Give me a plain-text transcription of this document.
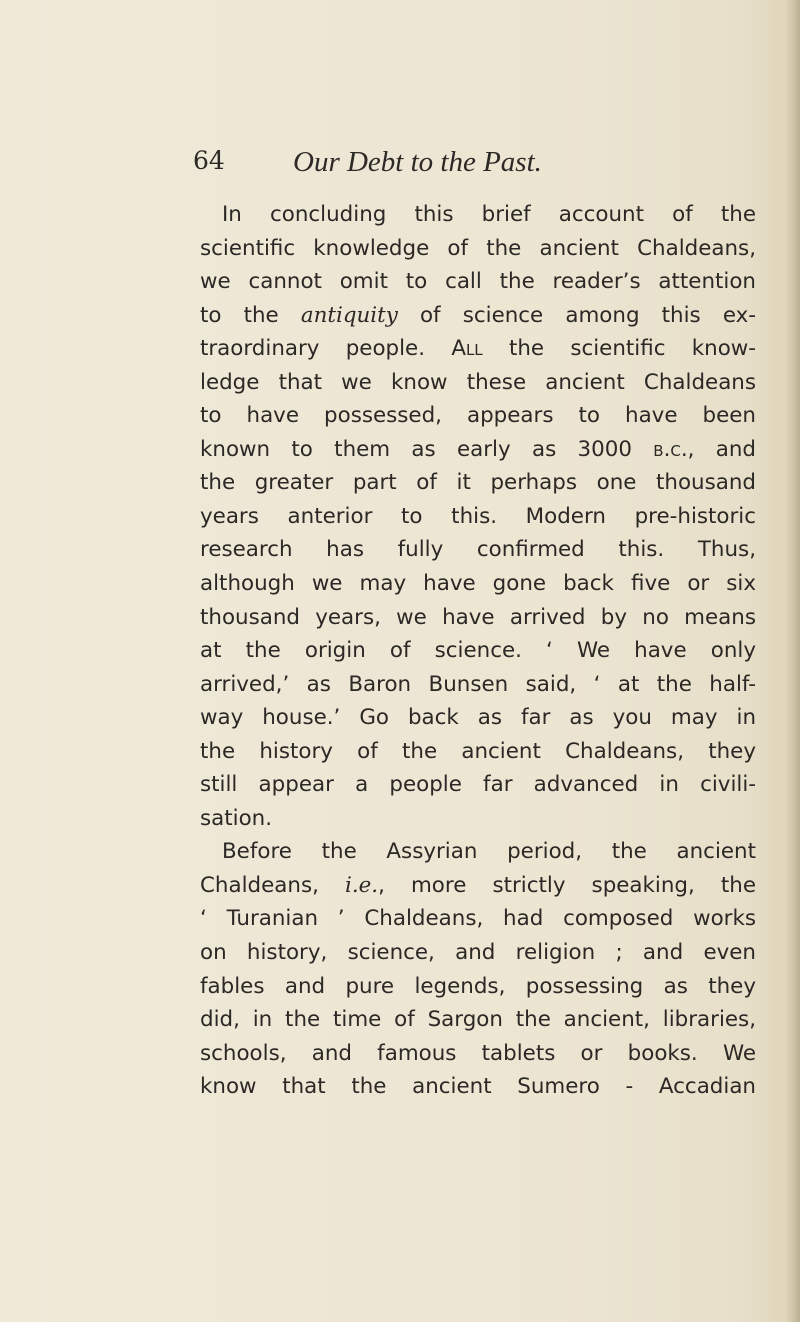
64 Our Debt to the Past.
In concluding this brief account of the
scientific knowledge of the ancient Chaldeans,
we cannot omit to call the reader’s attention
to the antiquity of science among this ex-
traordinary people. All the scientific know-
ledge that we know these ancient Chaldeans
to have possessed, appears to have been
known to them as early as 3000 b.c., and
the greater part of it perhaps one thousand
years anterior to this. Modern pre-historic
research has fully confirmed this. Thus,
although we may have gone back five or six
thousand years, we have arrived by no means
at the origin of science. ‘ We have only
arrived,’ as Baron Bunsen said, ‘ at the half-
way house.’ Go back as far as you may in
the history of the ancient Chaldeans, they
still appear a people far advanced in civili-
sation.
Before the Assyrian period, the ancient
Chaldeans, i.e., more strictly speaking, the
‘ Turanian ’ Chaldeans, had composed works
on history, science, and religion ; and even
fables and pure legends, possessing as they
did, in the time of Sargon the ancient, libraries,
schools, and famous tablets or books. We
know that the ancient Sumero - Accadian
